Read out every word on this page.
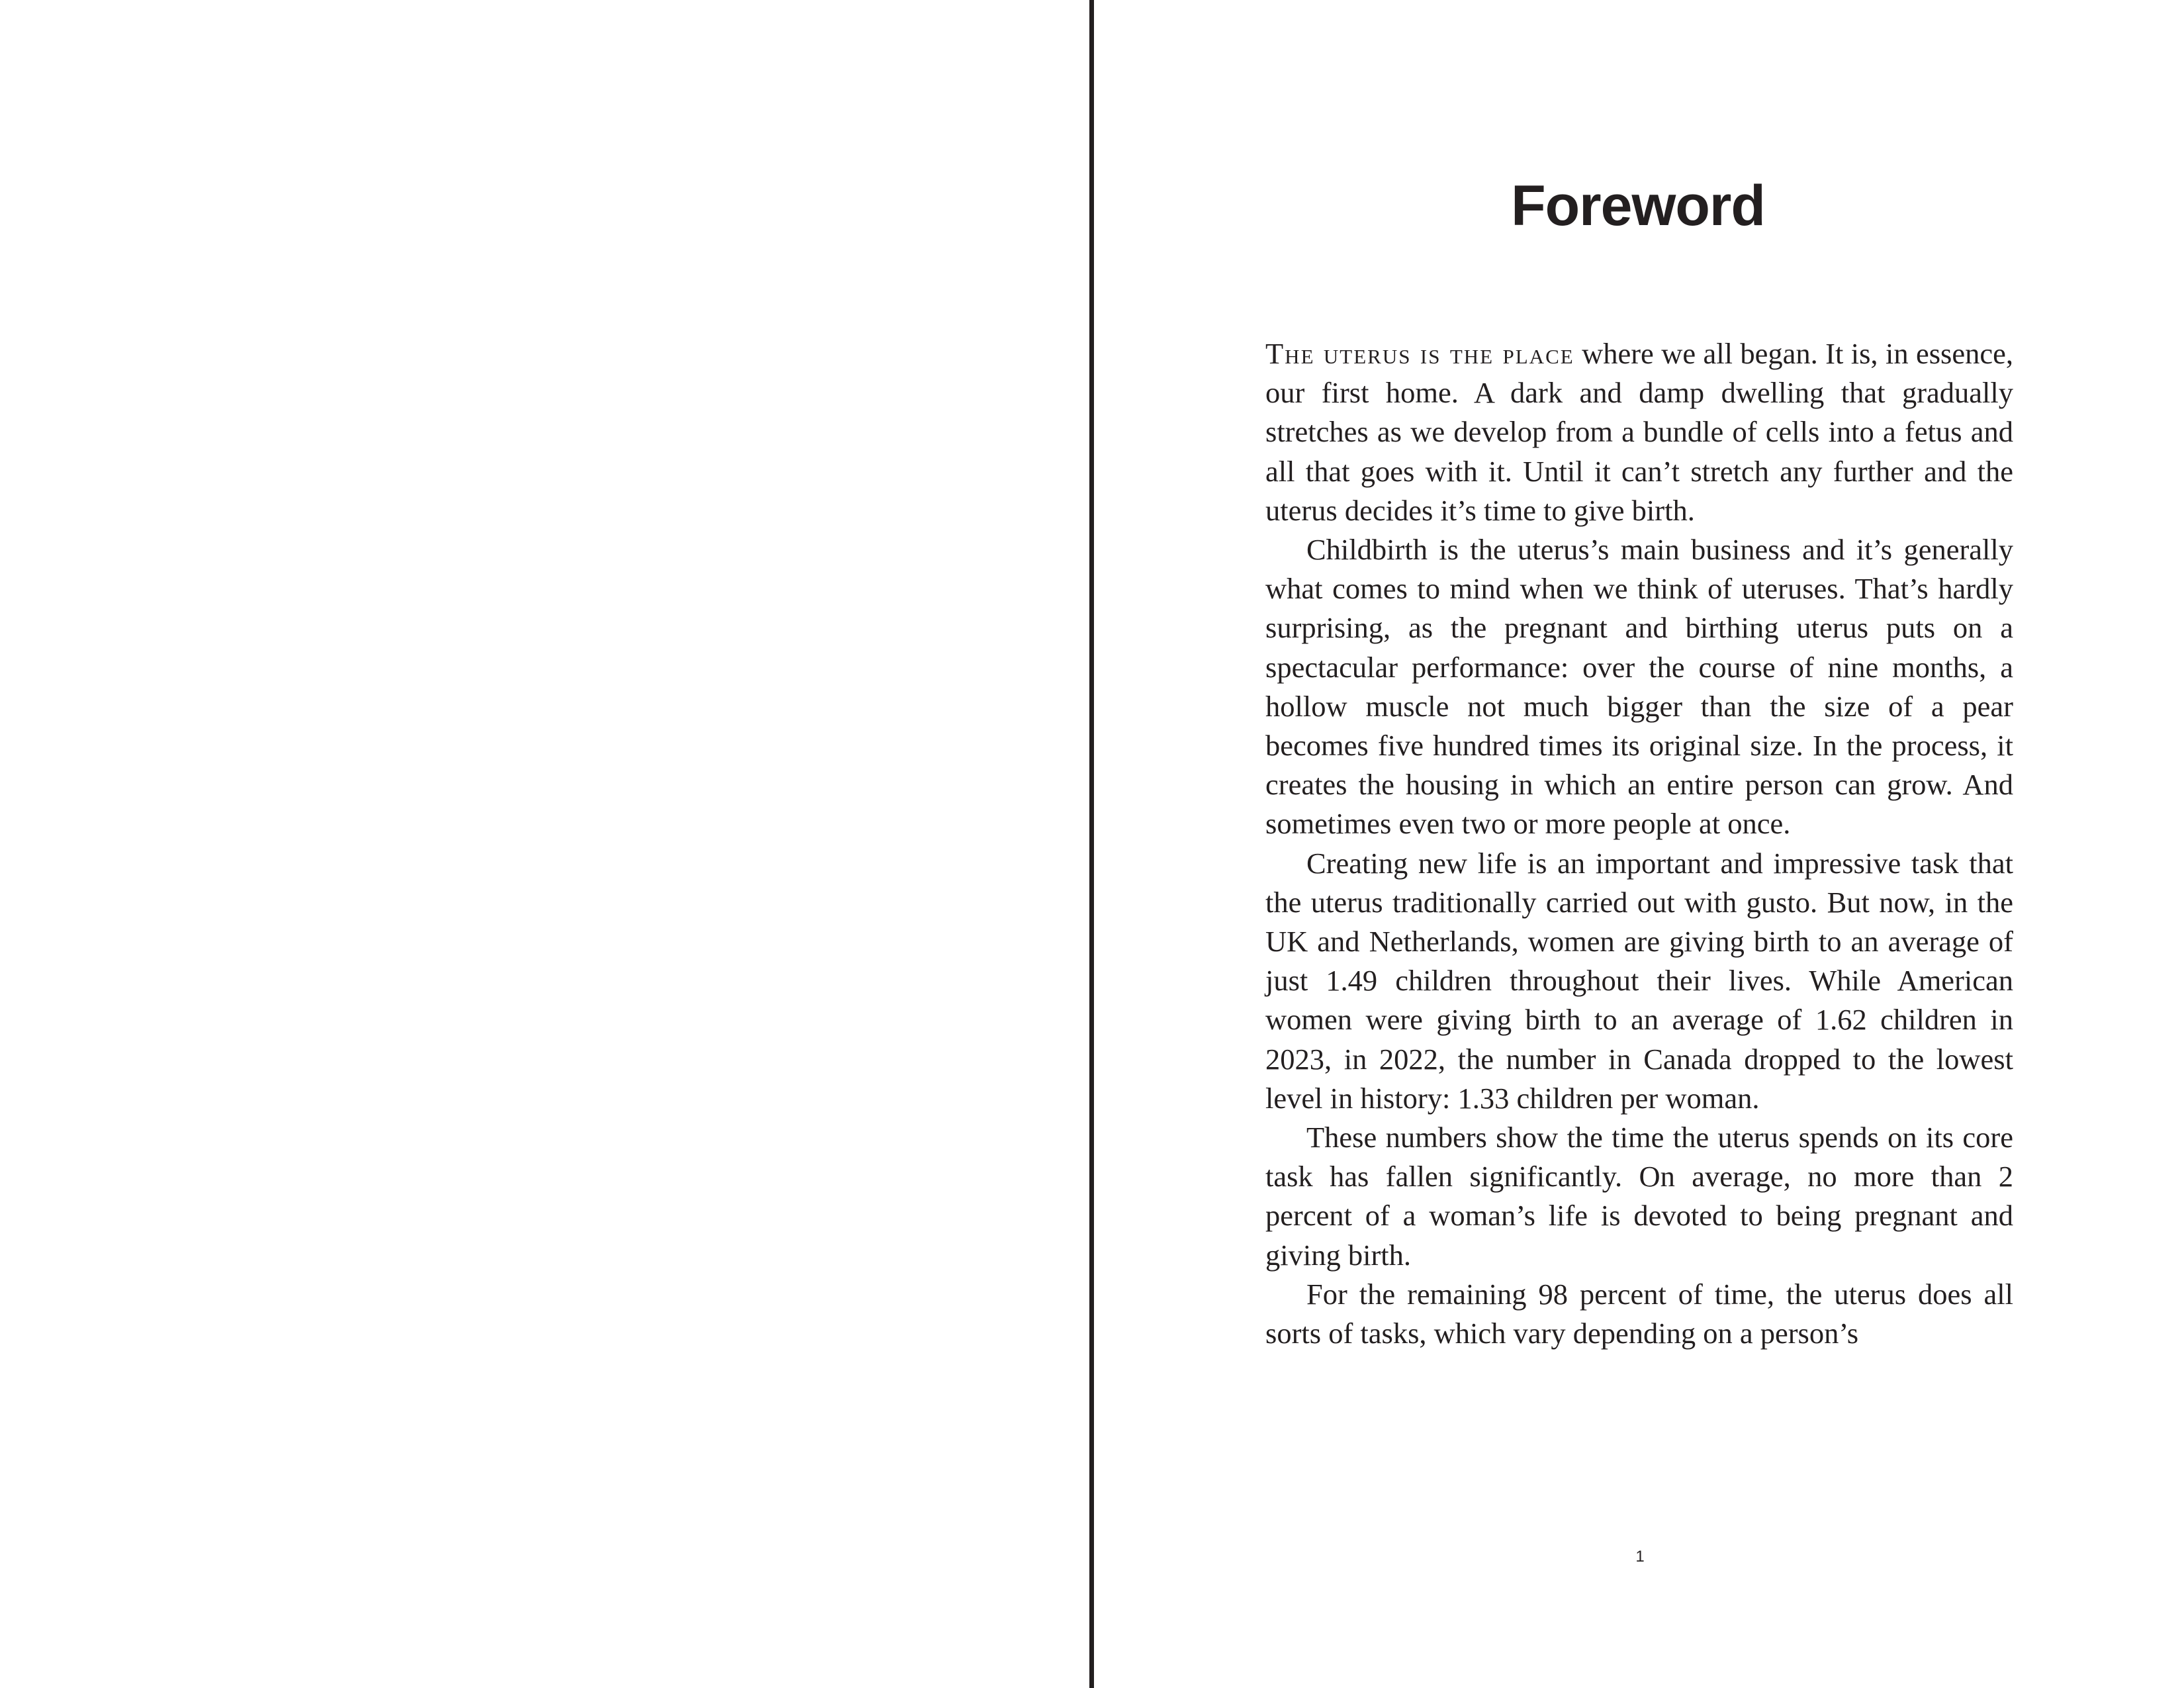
Foreword

The uterus is the place where we all began. It is, in essence, our first home. A dark and damp dwelling that gradually stretches as we develop from a bundle of cells into a fetus and all that goes with it. Until it can’t stretch any further and the uterus decides it’s time to give birth.

Childbirth is the uterus’s main business and it’s generally what comes to mind when we think of uteruses. That’s hardly surprising, as the pregnant and birthing uterus puts on a spectacular performance: over the course of nine months, a hollow muscle not much bigger than the size of a pear becomes five hundred times its original size. In the process, it creates the housing in which an entire person can grow. And sometimes even two or more people at once.

Creating new life is an important and impressive task that the uterus traditionally carried out with gusto. But now, in the UK and Netherlands, women are giving birth to an average of just 1.49 children throughout their lives. While American women were giving birth to an average of 1.62 children in 2023, in 2022, the number in Canada dropped to the lowest level in history: 1.33 children per woman.

These numbers show the time the uterus spends on its core task has fallen significantly. On average, no more than 2 percent of a woman’s life is devoted to being pregnant and giving birth.

For the remaining 98 percent of time, the uterus does all sorts of tasks, which vary depending on a person’s

1
